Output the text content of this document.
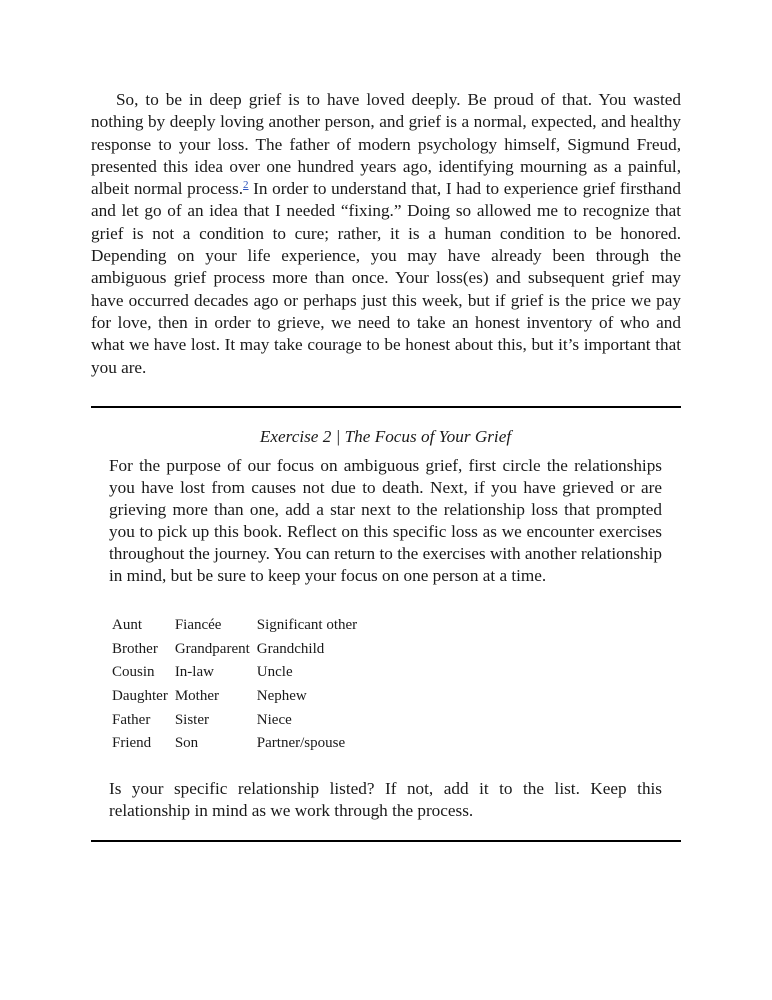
So, to be in deep grief is to have loved deeply. Be proud of that. You wasted nothing by deeply loving another person, and grief is a normal, expected, and healthy response to your loss. The father of modern psychology himself, Sigmund Freud, presented this idea over one hundred years ago, identifying mourning as a painful, albeit normal process.$^2$ In order to understand that, I had to experience grief firsthand and let go of an idea that I needed “fixing.” Doing so allowed me to recognize that grief is not a condition to cure; rather, it is a human condition to be honored. Depending on your life experience, you may have already been through the ambiguous grief process more than once. Your loss(es) and subsequent grief may have occurred decades ago or perhaps just this week, but if grief is the price we pay for love, then in order to grieve, we need to take an honest inventory of who and what we have lost. It may take courage to be honest about this, but it’s important that you are.

Exercise 2 | The Focus of Your Grief

For the purpose of our focus on ambiguous grief, first circle the relationships you have lost from causes not due to death. Next, if you have grieved or are grieving more than one, add a star next to the relationship loss that prompted you to pick up this book. Reflect on this specific loss as we encounter exercises throughout the journey. You can return to the exercises with another relationship in mind, but be sure to keep your focus on one person at a time.

Aunt	Fiancée	Significant other
Brother	Grandparent	Grandchild
Cousin	In-law	Uncle
Daughter	Mother	Nephew
Father	Sister	Niece
Friend	Son	Partner/spouse

Is your specific relationship listed? If not, add it to the list. Keep this relationship in mind as we work through the process.
